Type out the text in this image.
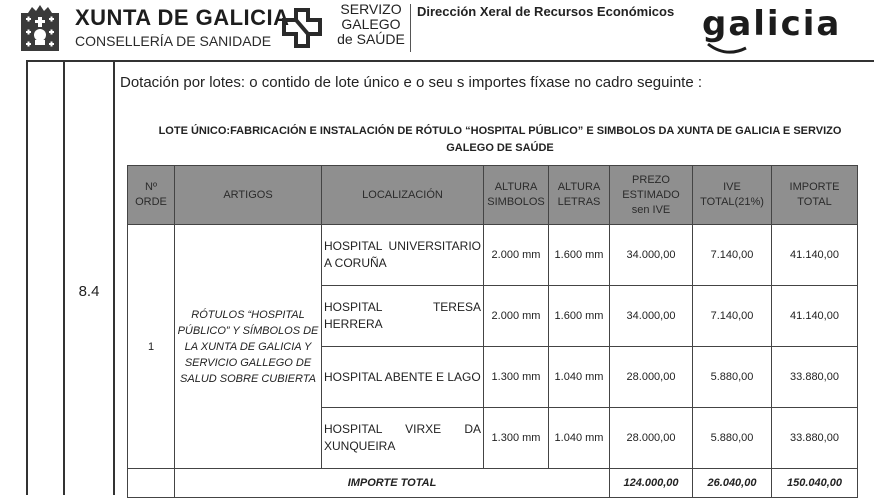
XUNTA DE GALICIA
CONSELLERÍA DE SANIDADE
SERVIZO
GALEGO
de SAÚDE
Dirección Xeral de Recursos Económicos galicia
8.4
Dotación por lotes: o contido de lote único e o seu s importes fíxase no cadro seguinte :
LOTE ÚNICO:FABRICACIÓN E INSTALACIÓN DE RÓTULO “HOSPITAL PÚBLICO” E SIMBOLOS DA XUNTA DE GALICIA E SERVIZO GALEGO DE SAÚDE
Nº ORDE	ARTIGOS	LOCALIZACIÓN	ALTURA SIMBOLOS	ALTURA LETRAS	PREZO ESTIMADO sen IVE	IVE TOTAL(21%)	IMPORTE TOTAL
1	RÓTULOS “HOSPITAL PÚBLICO” Y SÍMBOLOS DE LA XUNTA DE GALICIA Y SERVICIO GALLEGO DE SALUD SOBRE CUBIERTA	HOSPITAL UNIVERSITARIO A CORUÑA	2.000 mm	1.600 mm	34.000,00	7.140,00	41.140,00
		HOSPITAL TERESA HERRERA	2.000 mm	1.600 mm	34.000,00	7.140,00	41.140,00
		HOSPITAL ABENTE E LAGO	1.300 mm	1.040 mm	28.000,00	5.880,00	33.880,00
		HOSPITAL VIRXE DA XUNQUEIRA	1.300 mm	1.040 mm	28.000,00	5.880,00	33.880,00
	IMPORTE TOTAL				124.000,00	26.040,00	150.040,00
